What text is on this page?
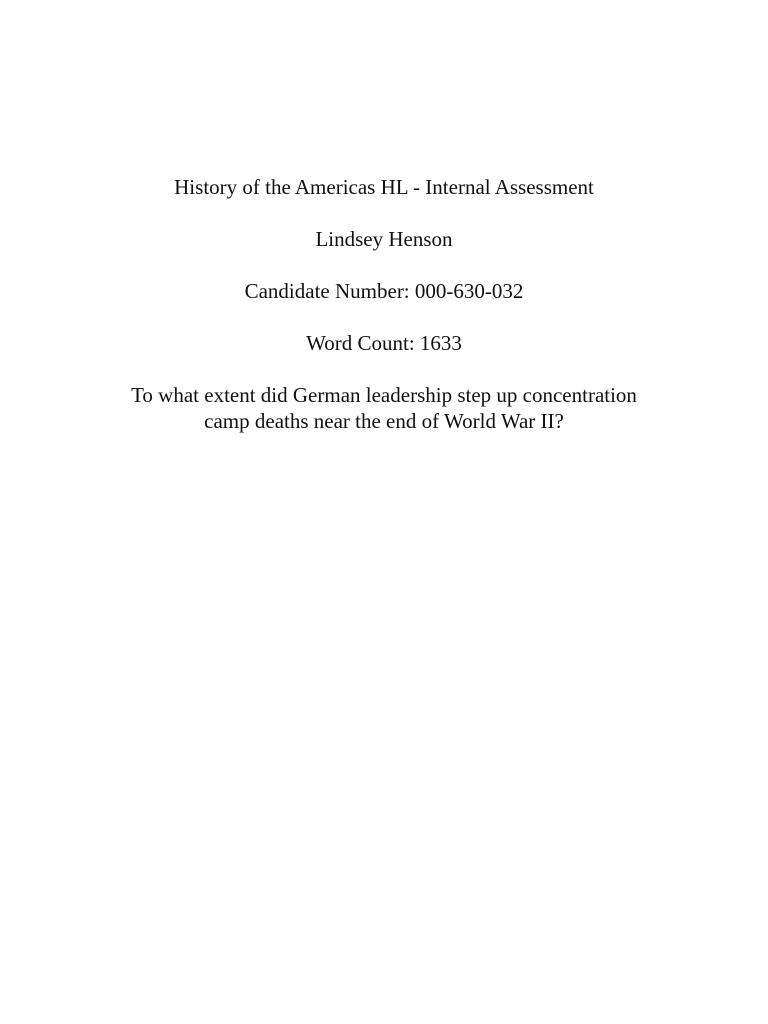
History of the Americas HL - Internal Assessment

Lindsey Henson

Candidate Number: 000-630-032

Word Count: 1633

To what extent did German leadership step up concentration
camp deaths near the end of World War II?
